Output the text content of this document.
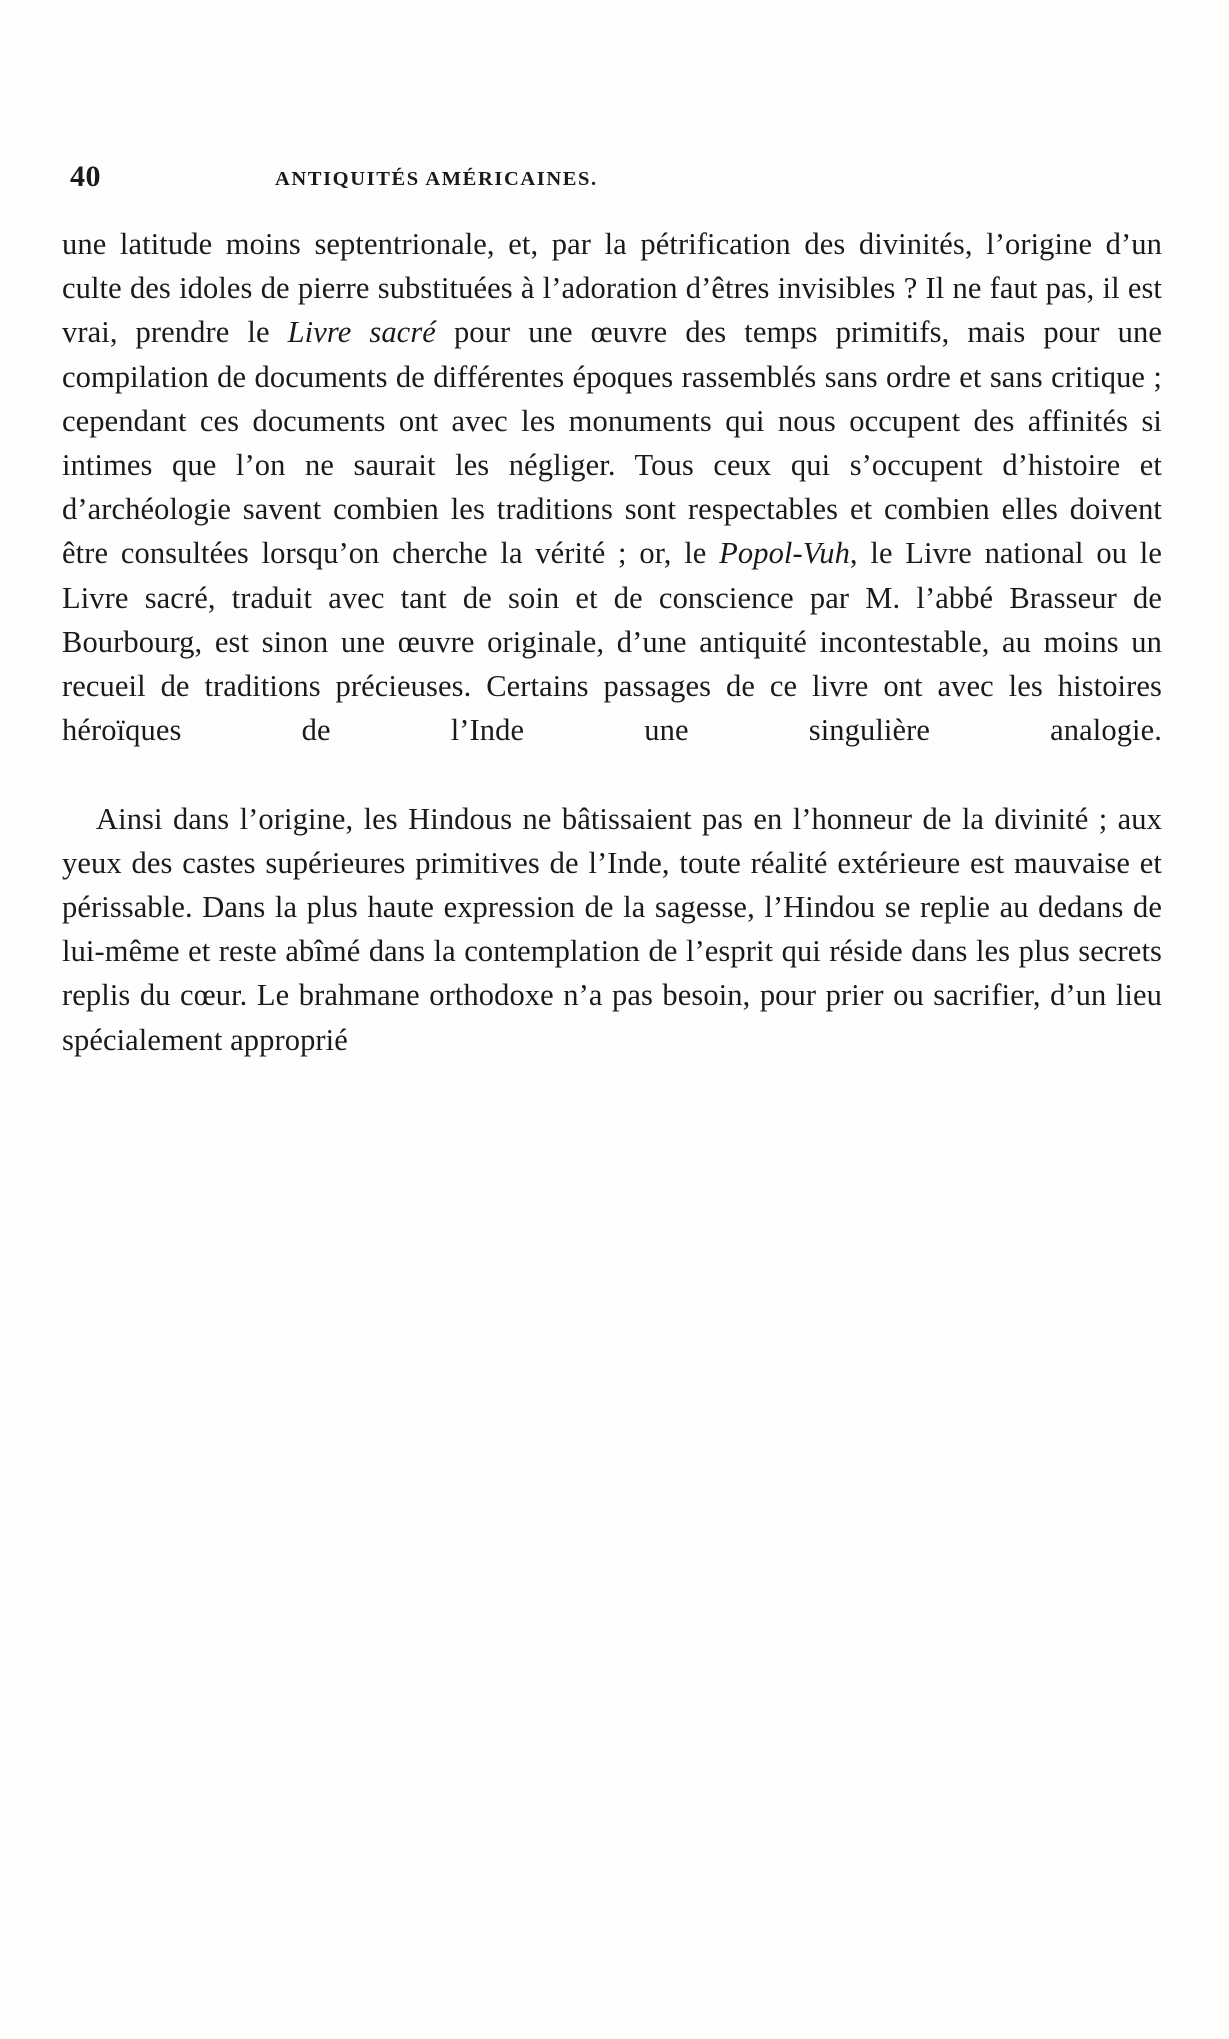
40	ANTIQUITÉS AMÉRICAINES.

une latitude moins septentrionale, et, par la pétrification des divinités, l’origine d’un culte des idoles de pierre substituées à l’adoration d’êtres invisibles ? Il ne faut pas, il est vrai, prendre le Livre sacré pour une œuvre des temps primitifs, mais pour une compilation de documents de différentes époques rassemblés sans ordre et sans critique ; cependant ces documents ont avec les monuments qui nous occupent des affinités si intimes que l’on ne saurait les négliger. Tous ceux qui s’occupent d’histoire et d’archéologie savent combien les traditions sont respectables et combien elles doivent être consultées lorsqu’on cherche la vérité ; or, le Popol-Vuh, le Livre national ou le Livre sacré, traduit avec tant de soin et de conscience par M. l’abbé Brasseur de Bourbourg, est sinon une œuvre originale, d’une antiquité incontestable, au moins un recueil de traditions précieuses. Certains passages de ce livre ont avec les histoires héroïques de l’Inde une singulière analogie.

Ainsi dans l’origine, les Hindous ne bâtissaient pas en l’honneur de la divinité ; aux yeux des castes supérieures primitives de l’Inde, toute réalité extérieure est mauvaise et périssable. Dans la plus haute expression de la sagesse, l’Hindou se replie au dedans de lui-même et reste abîmé dans la contemplation de l’esprit qui réside dans les plus secrets replis du cœur. Le brahmane orthodoxe n’a pas besoin, pour prier ou sacrifier, d’un lieu spécialement approprié
